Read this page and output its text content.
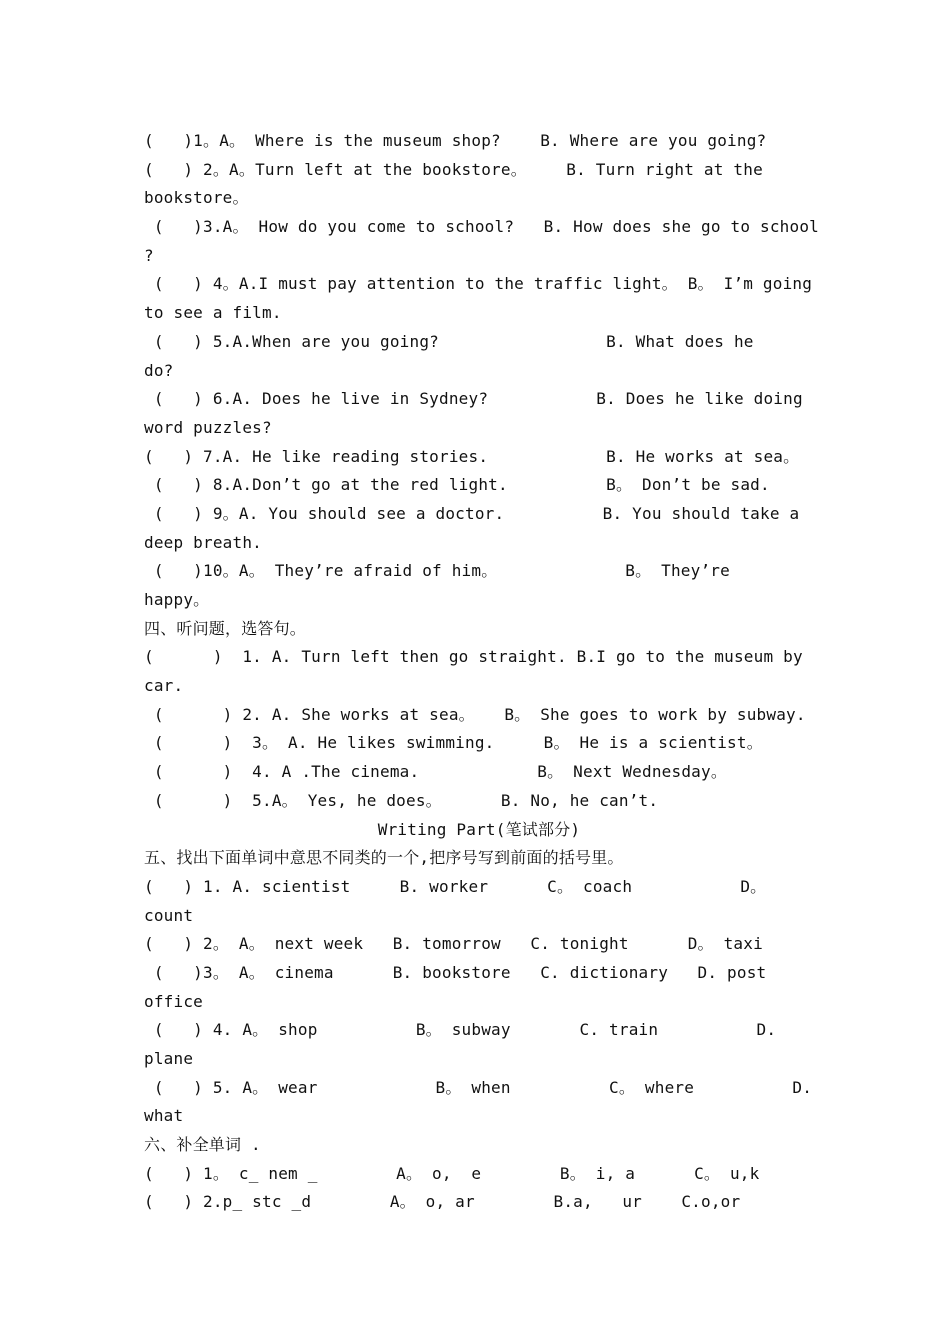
(   )1。A。 Where is the museum shop?    B. Where are you going?
(   ) 2。A。Turn left at the bookstore。    B. Turn right at the
bookstore。
(   )3.A。 How do you come to school?   B. How does she go to school
?
(   ) 4。A.I must pay attention to the traffic light。 B。 I’m going
to see a film.
(   ) 5.A.When are you going?                 B. What does he
do?
(   ) 6.A. Does he live in Sydney?           B. Does he like doing
word puzzles?
(   ) 7.A. He like reading stories.            B. He works at sea。
(   ) 8.A.Don’t go at the red light.          B。 Don’t be sad.
(   ) 9。A. You should see a doctor.          B. You should take a
deep breath.
(   )10。A。 They’re afraid of him。             B。 They’re
happy。
四、听问题，选答句。
(      )  1. A. Turn left then go straight. B.I go to the museum by
car.
(      ) 2. A. She works at sea。   B。 She goes to work by subway.
(      )  3。 A. He likes swimming.     B。 He is a scientist。
(      )  4. A .The cinema.            B。 Next Wednesday。
(      )  5.A。 Yes, he does。      B. No, he can’t.
Writing Part(笔试部分)
五、找出下面单词中意思不同类的一个,把序号写到前面的括号里。
(   ) 1. A. scientist     B. worker      C。 coach           D。
count
(   ) 2。 A。 next week   B. tomorrow   C. tonight      D。 taxi
(   )3。 A。 cinema      B. bookstore   C. dictionary   D. post
office
(   ) 4. A。 shop          B。 subway       C. train          D.
plane
(   ) 5. A。 wear            B。 when          C。 where          D.
what
六、补全单词 .
(   ) 1。 c_ nem _        A。 o,  e        B。 i, a      C。 u,k
(   ) 2.p_ stc _d        A。 o, ar        B.a,   ur    C.o,or
